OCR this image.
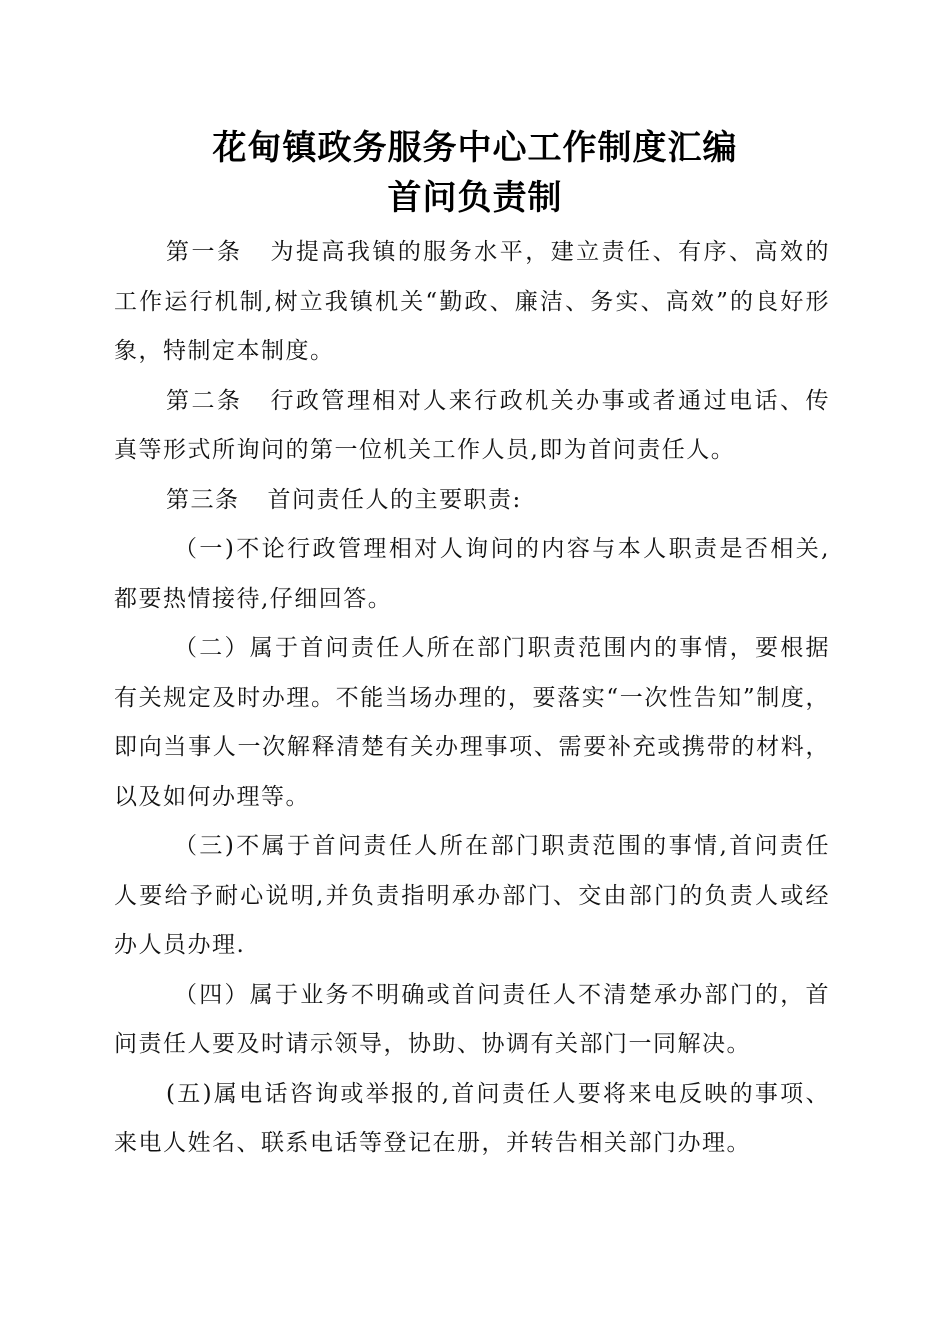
花甸镇政务服务中心工作制度汇编
首问负责制

第一条 为提高我镇的服务水平，建立责任、有序、高效的工作运行机制,树立我镇机关“勤政、廉洁、务实、高效”的良好形象，特制定本制度。

第二条 行政管理相对人来行政机关办事或者通过电话、传真等形式所询问的第一位机关工作人员,即为首问责任人。

第三条 首问责任人的主要职责:

（一)不论行政管理相对人询问的内容与本人职责是否相关,都要热情接待,仔细回答。

（二）属于首问责任人所在部门职责范围内的事情，要根据有关规定及时办理。不能当场办理的，要落实“一次性告知”制度，即向当事人一次解释清楚有关办理事项、需要补充或携带的材料，以及如何办理等。

（三)不属于首问责任人所在部门职责范围的事情,首问责任人要给予耐心说明,并负责指明承办部门、交由部门的负责人或经办人员办理.

（四）属于业务不明确或首问责任人不清楚承办部门的，首问责任人要及时请示领导，协助、协调有关部门一同解决。

(五)属电话咨询或举报的,首问责任人要将来电反映的事项、来电人姓名、联系电话等登记在册，并转告相关部门办理。
